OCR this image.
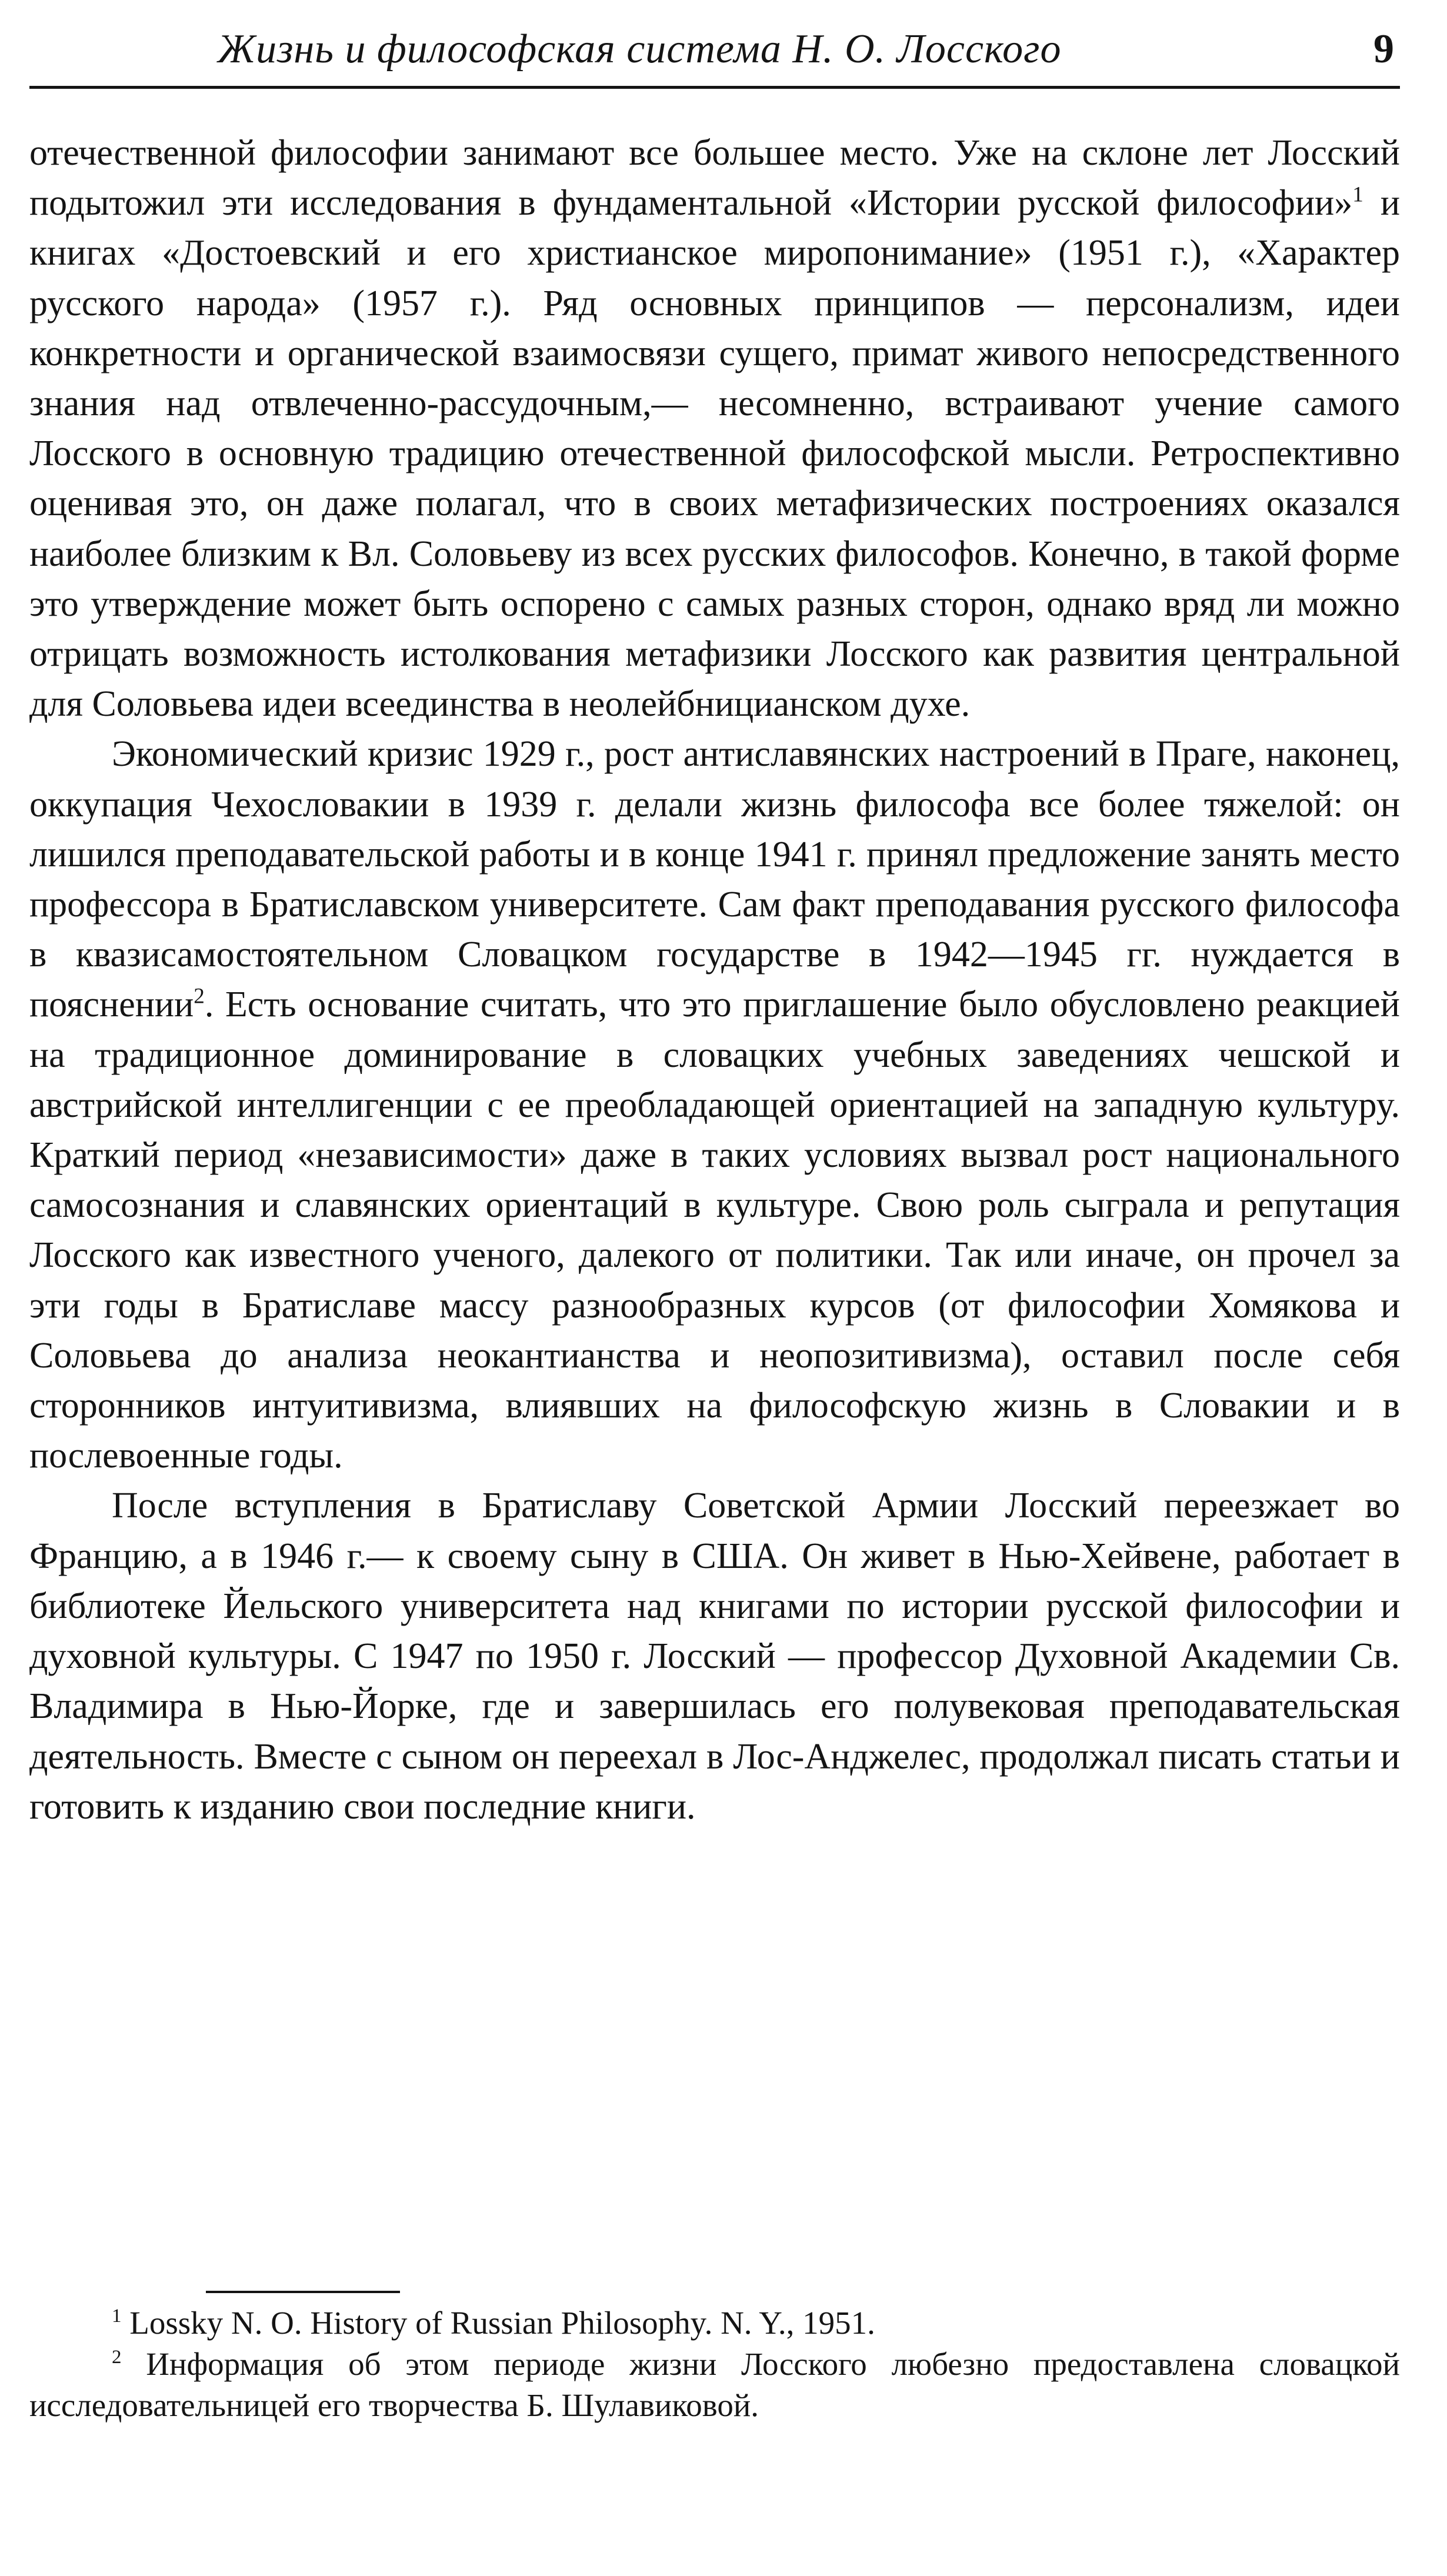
Жизнь и философская система Н. О. Лосского	9

отечественной философии занимают все большее место. Уже на склоне лет Лосский подытожил эти исследования в фундаментальной «Истории русской философии»$^1$ и книгах «Достоевский и его христианское миропонимание» (1951 г.), «Характер русского народа» (1957 г.). Ряд основных принципов — персонализм, идеи конкретности и органической взаимосвязи сущего, примат живого непосредственного знания над отвлеченно-рассудочным,— несомненно, встраивают учение самого Лосского в основную традицию отечественной философской мысли. Ретроспективно оценивая это, он даже полагал, что в своих метафизических построениях оказался наиболее близким к Вл. Соловьеву из всех русских философов. Конечно, в такой форме это утверждение может быть оспорено с самых разных сторон, однако вряд ли можно отрицать возможность истолкования метафизики Лосского как развития центральной для Соловьева идеи всеединства в неолейбницианском духе.

Экономический кризис 1929 г., рост антиславянских настроений в Праге, наконец, оккупация Чехословакии в 1939 г. делали жизнь философа все более тяжелой: он лишился преподавательской работы и в конце 1941 г. принял предложение занять место профессора в Братиславском университете. Сам факт преподавания русского философа в квазисамостоятельном Словацком государстве в 1942—1945 гг. нуждается в пояснении$^2$. Есть основание считать, что это приглашение было обусловлено реакцией на традиционное доминирование в словацких учебных заведениях чешской и австрийской интеллигенции с ее преобладающей ориентацией на западную культуру. Краткий период «независимости» даже в таких условиях вызвал рост национального самосознания и славянских ориентаций в культуре. Свою роль сыграла и репутация Лосского как известного ученого, далекого от политики. Так или иначе, он прочел за эти годы в Братиславе массу разнообразных курсов (от философии Хомякова и Соловьева до анализа неокантианства и неопозитивизма), оставил после себя сторонников интуитивизма, влиявших на философскую жизнь в Словакии и в послевоенные годы.

После вступления в Братиславу Советской Армии Лосский переезжает во Францию, а в 1946 г.— к своему сыну в США. Он живет в Нью-Хейвене, работает в библиотеке Йельского университета над книгами по истории русской философии и духовной культуры. С 1947 по 1950 г. Лосский — профессор Духовной Академии Св. Владимира в Нью-Йорке, где и завершилась его полувековая преподавательская деятельность. Вместе с сыном он переехал в Лос-Анджелес, продолжал писать статьи и готовить к изданию свои последние книги.

$^1$ Lossky N. O. History of Russian Philosophy. N. Y., 1951.

$^2$ Информация об этом периоде жизни Лосского любезно предоставлена словацкой исследовательницей его творчества Б. Шулавиковой.
